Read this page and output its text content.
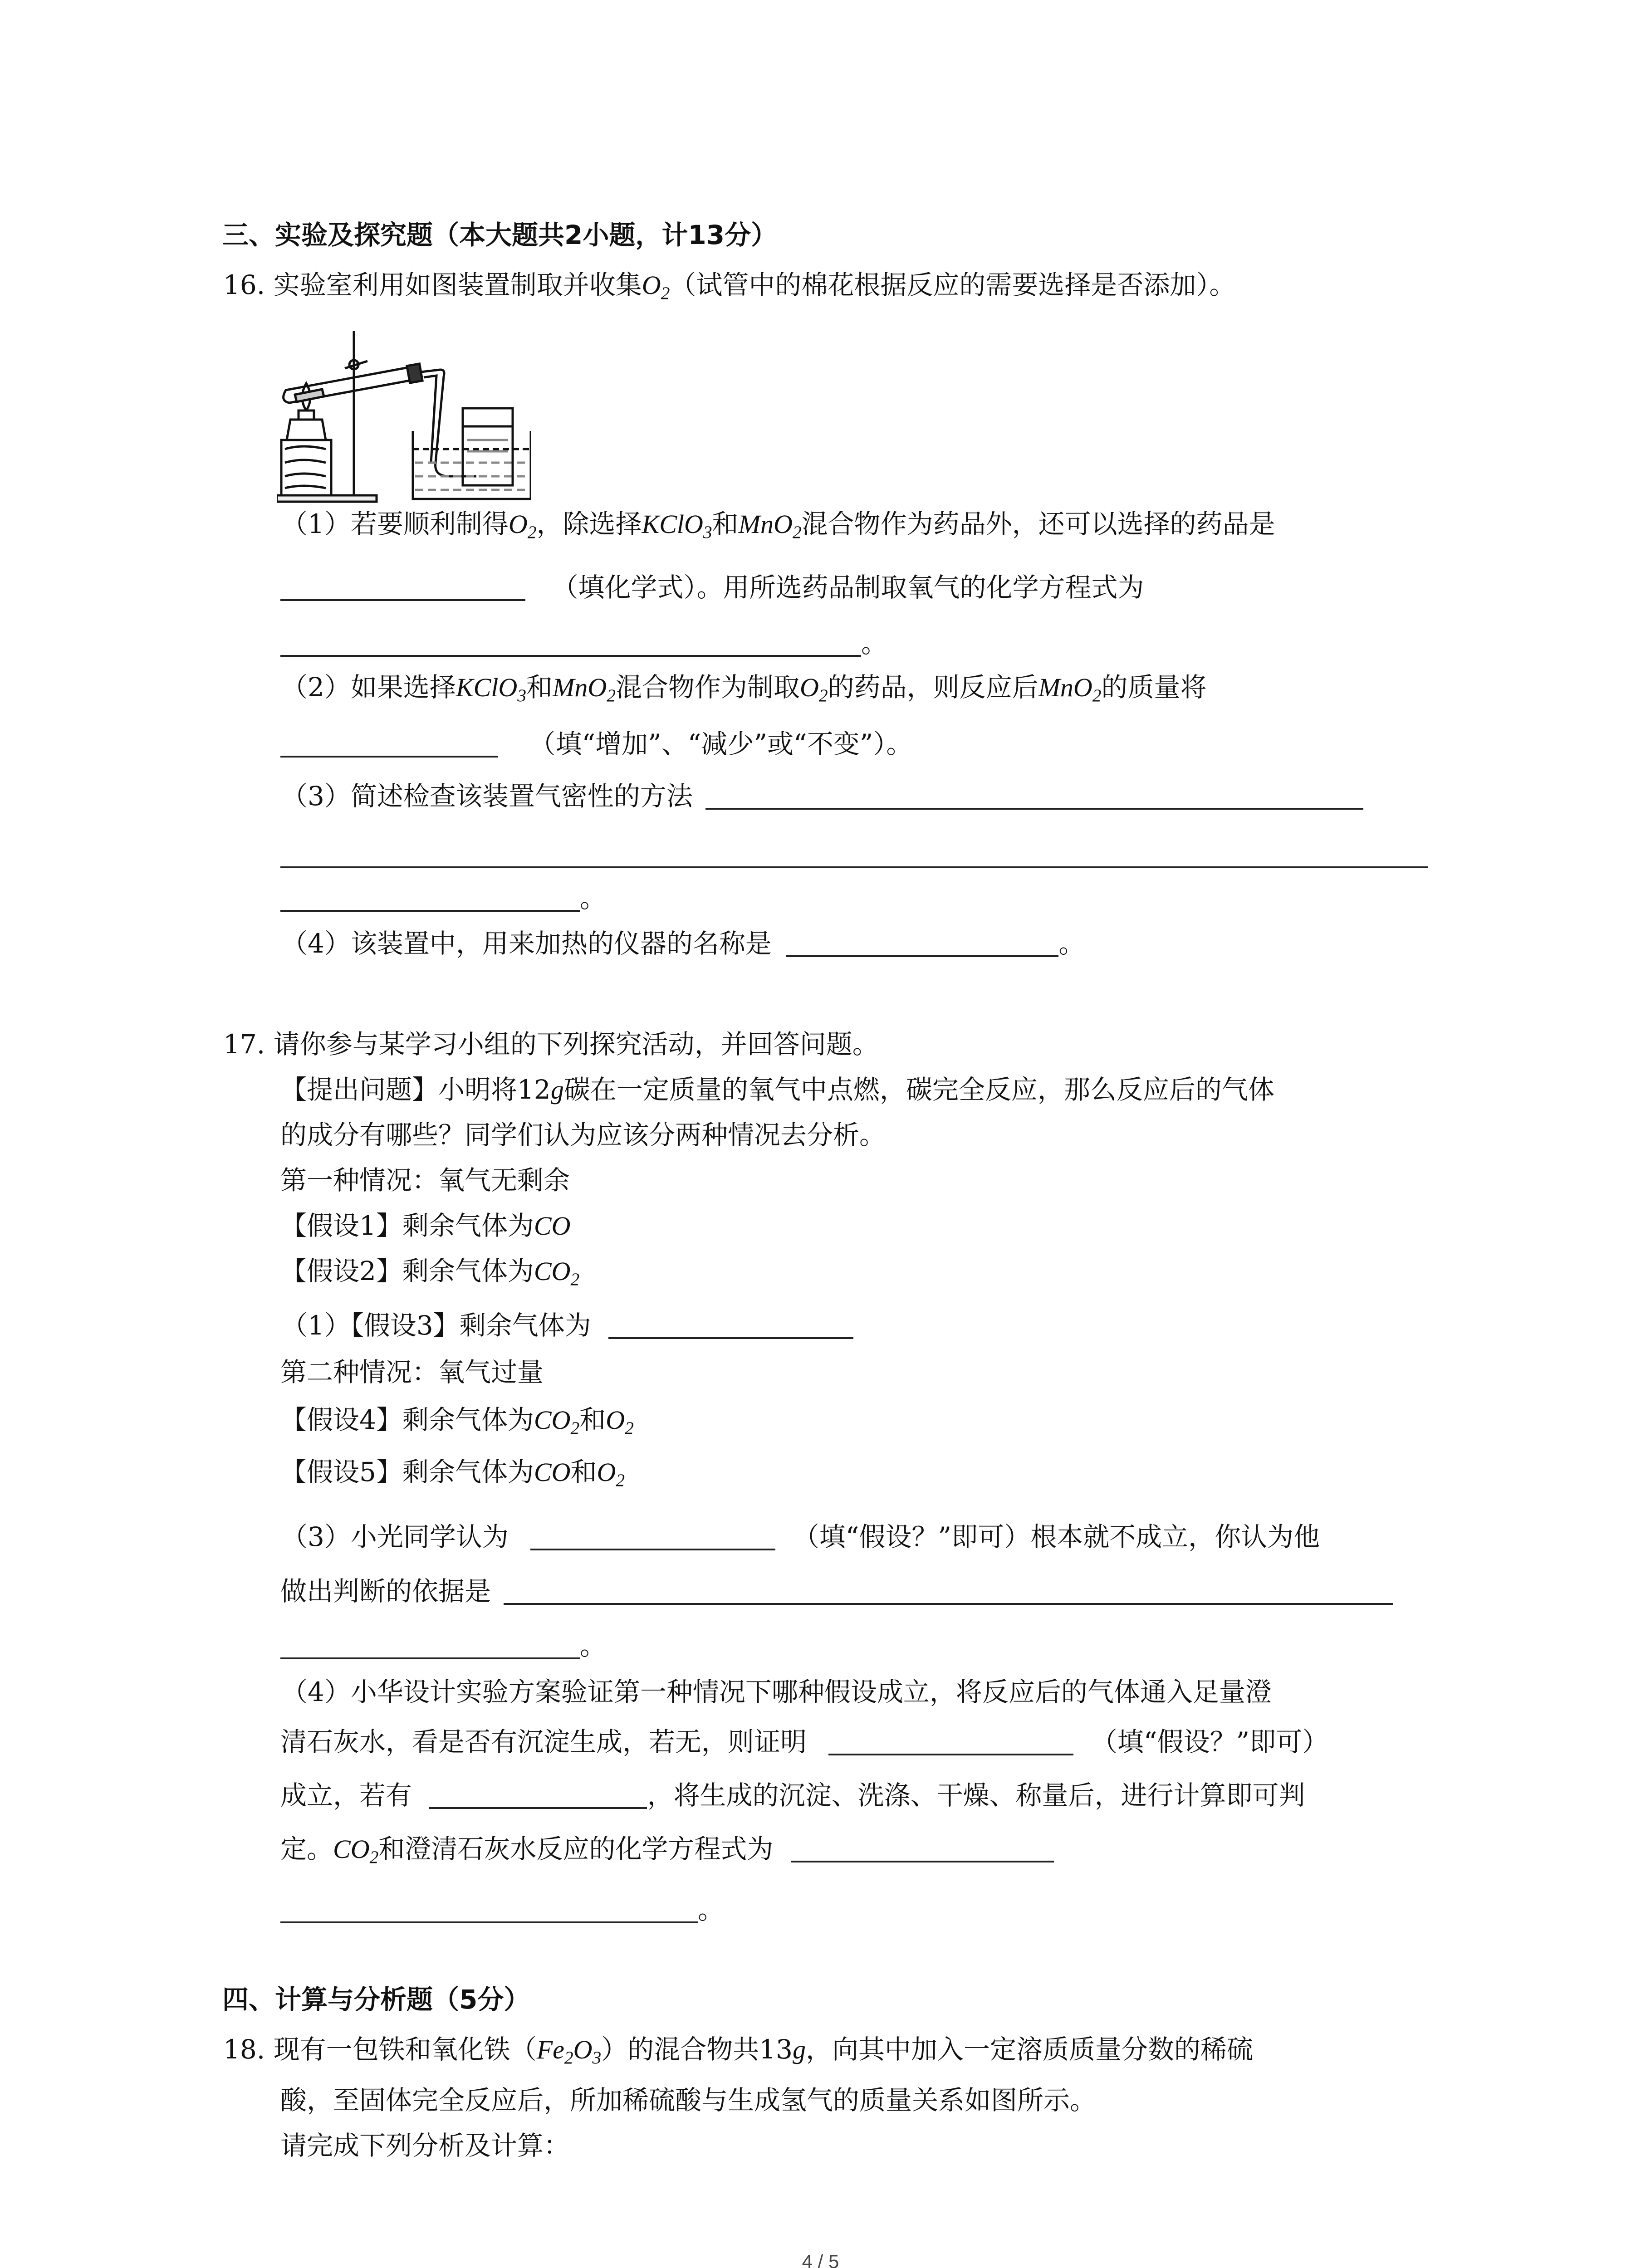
三、实验及探究题（本大题共2小题，计13分）
16. 实验室利用如图装置制取并收集$O_2$（试管中的棉花根据反应的需要选择是否添加）。
（1）若要顺利制得$O_2$，除选择KClO$_3$和MnO$_2$混合物作为药品外，还可以选择的药品是
（填化学式）。用所选药品制取氧气的化学方程式为
。
（2）如果选择KClO$_3$和MnO$_2$混合物作为制取$O_2$的药品，则反应后MnO$_2$的质量将
（填“增加”、“减少”或“不变”）。
（3）简述检查该装置气密性的方法
。
（4）该装置中，用来加热的仪器的名称是	。
17. 请你参与某学习小组的下列探究活动，并回答问题。
【提出问题】小明将12g碳在一定质量的氧气中点燃，碳完全反应，那么反应后的气体
的成分有哪些？同学们认为应该分两种情况去分析。
第一种情况：氧气无剩余
【假设1】剩余气体为CO
【假设2】剩余气体为$CO_2$
（1）【假设3】剩余气体为
第二种情况：氧气过量
【假设4】剩余气体为$CO_2$和$O_2$
【假设5】剩余气体为CO和$O_2$
（3）小光同学认为	（填“假设？”即可）根本就不成立，你认为他
做出判断的依据是
。
（4）小华设计实验方案验证第一种情况下哪种假设成立，将反应后的气体通入足量澄
清石灰水，看是否有沉淀生成，若无，则证明	（填“假设？”即可）
成立，若有	，将生成的沉淀、洗涤、干燥、称量后，进行计算即可判
定。$CO_2$和澄清石灰水反应的化学方程式为
。
四、计算与分析题（5分）
18. 现有一包铁和氧化铁$(Fe_2O_3)$的混合物共13g，向其中加入一定溶质质量分数的稀硫
酸，至固体完全反应后，所加稀硫酸与生成氢气的质量关系如图所示。
请完成下列分析及计算：
4 / 5
